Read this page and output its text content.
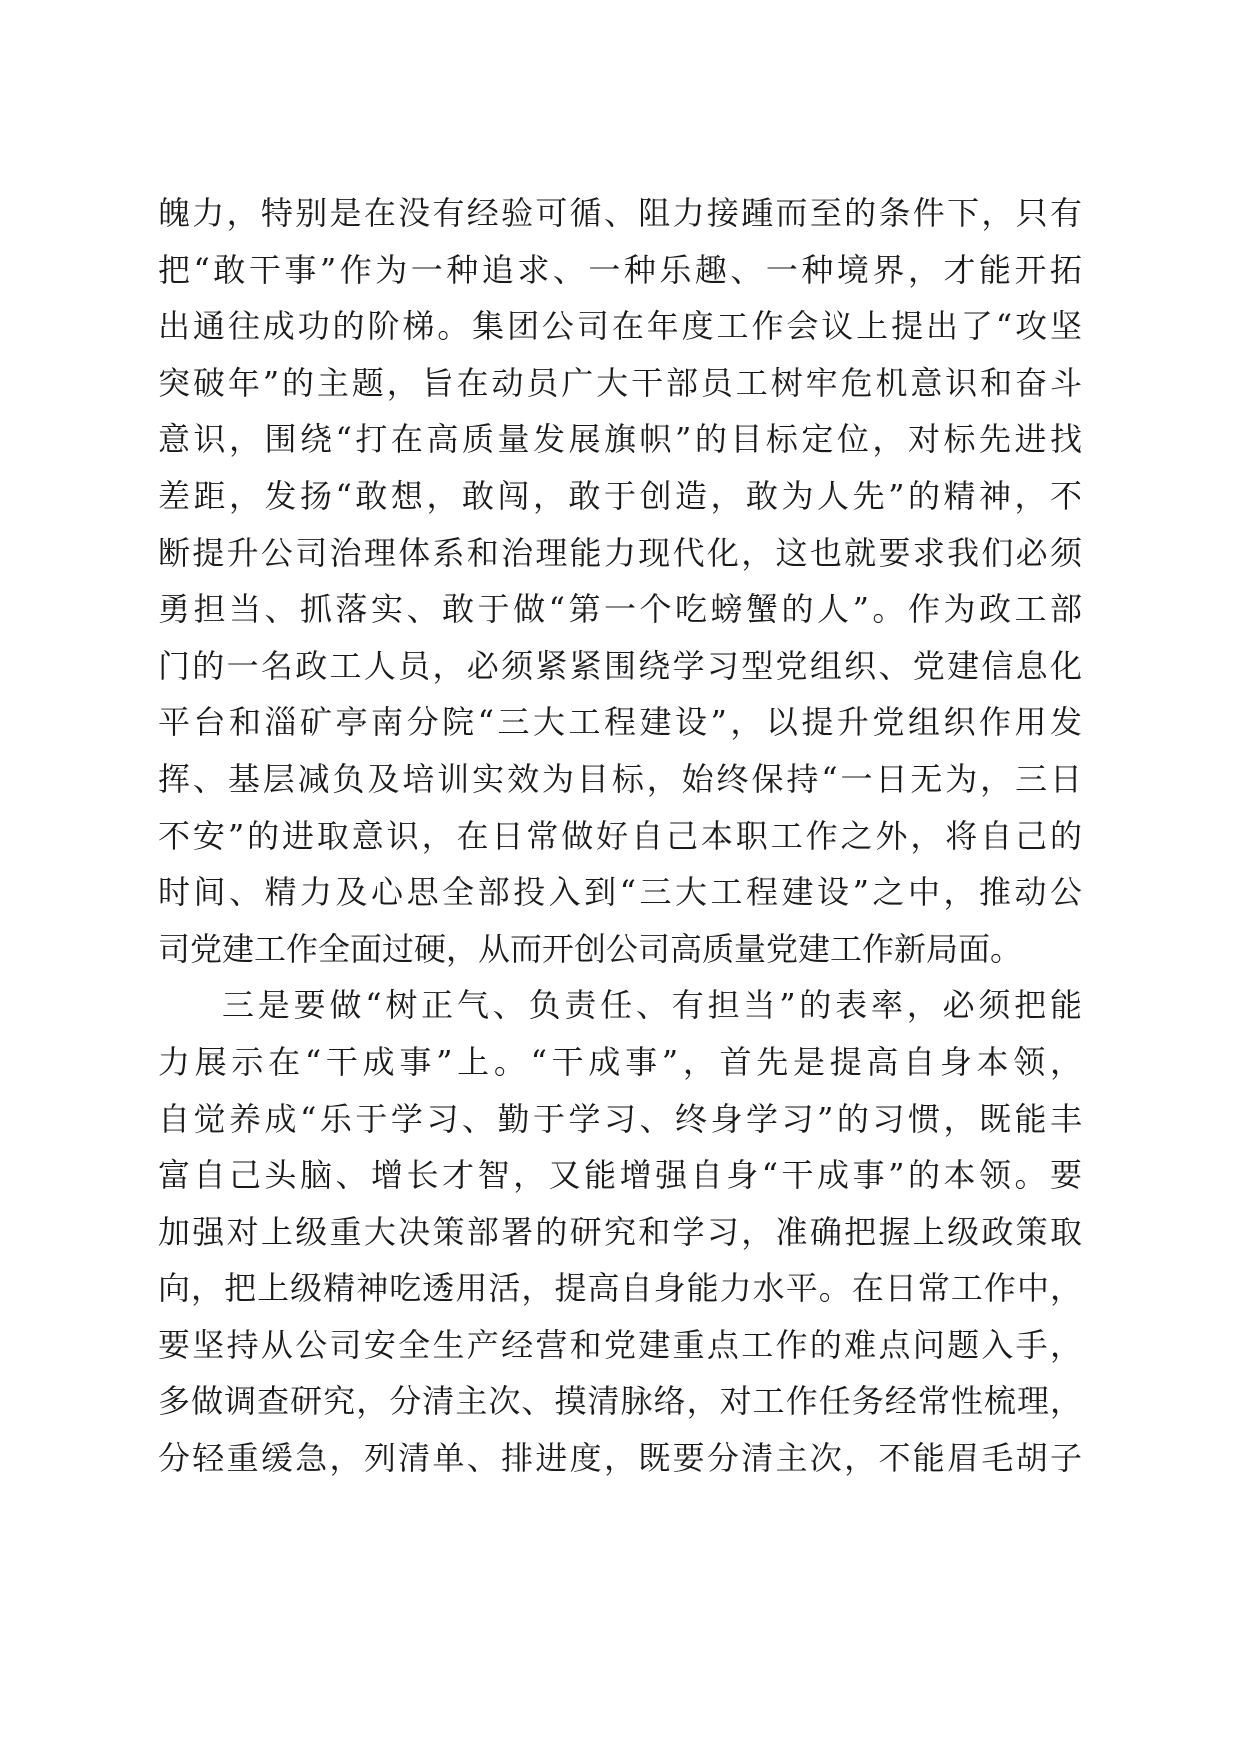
魄力，特别是在没有经验可循、阻力接踵而至的条件下，只有
把“敢干事”作为一种追求、一种乐趣、一种境界，才能开拓
出通往成功的阶梯。集团公司在年度工作会议上提出了“攻坚
突破年”的主题，旨在动员广大干部员工树牢危机意识和奋斗
意识，围绕“打在高质量发展旗帜”的目标定位，对标先进找
差距，发扬“敢想，敢闯，敢于创造，敢为人先”的精神，不
断提升公司治理体系和治理能力现代化，这也就要求我们必须
勇担当、抓落实、敢于做“第一个吃螃蟹的人”。作为政工部
门的一名政工人员，必须紧紧围绕学习型党组织、党建信息化
平台和淄矿亭南分院“三大工程建设”，以提升党组织作用发
挥、基层减负及培训实效为目标，始终保持“一日无为，三日
不安”的进取意识，在日常做好自己本职工作之外，将自己的
时间、精力及心思全部投入到“三大工程建设”之中，推动公
司党建工作全面过硬，从而开创公司高质量党建工作新局面。
三是要做“树正气、负责任、有担当”的表率，必须把能
力展示在“干成事”上。“干成事”，首先是提高自身本领，
自觉养成“乐于学习、勤于学习、终身学习”的习惯，既能丰
富自己头脑、增长才智，又能增强自身“干成事”的本领。要
加强对上级重大决策部署的研究和学习，准确把握上级政策取
向，把上级精神吃透用活，提高自身能力水平。在日常工作中，
要坚持从公司安全生产经营和党建重点工作的难点问题入手，
多做调查研究，分清主次、摸清脉络，对工作任务经常性梳理，
分轻重缓急，列清单、排进度，既要分清主次，不能眉毛胡子
